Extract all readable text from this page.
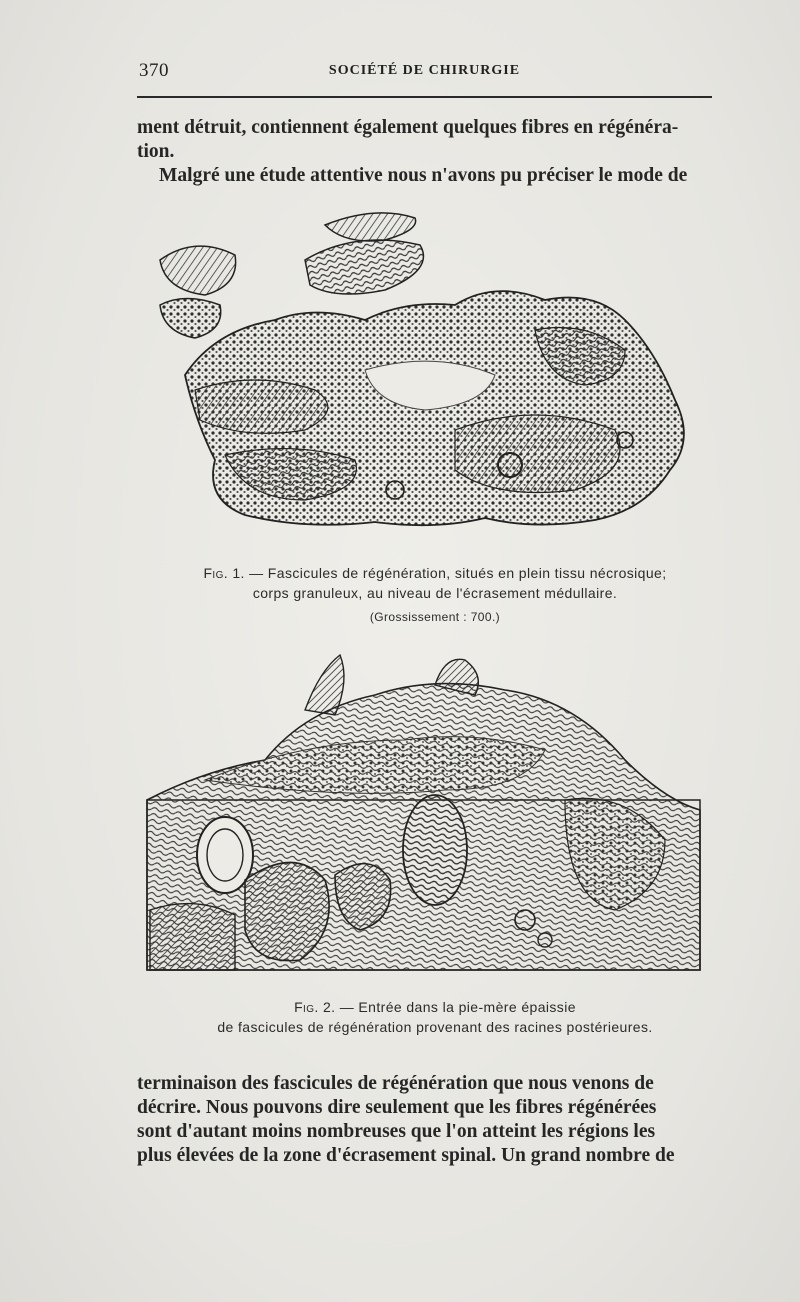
370	SOCIÉTÉ DE CHIRURGIE

ment détruit, contiennent également quelques fibres en régénéra-

tion.

Malgré une étude attentive nous n'avons pu préciser le mode de

Fig. 1. — Fascicules de régénération, situés en plein tissu nécrosique;
corps granuleux, au niveau de l'écrasement médullaire.
(Grossissement : 700.)
Fig. 2. — Entrée dans la pie-mère épaissie
de fascicules de régénération provenant des racines postérieures.

terminaison des fascicules de régénération que nous venons de

décrire. Nous pouvons dire seulement que les fibres régénérées

sont d'autant moins nombreuses que l'on atteint les régions les

plus élevées de la zone d'écrasement spinal. Un grand nombre de
